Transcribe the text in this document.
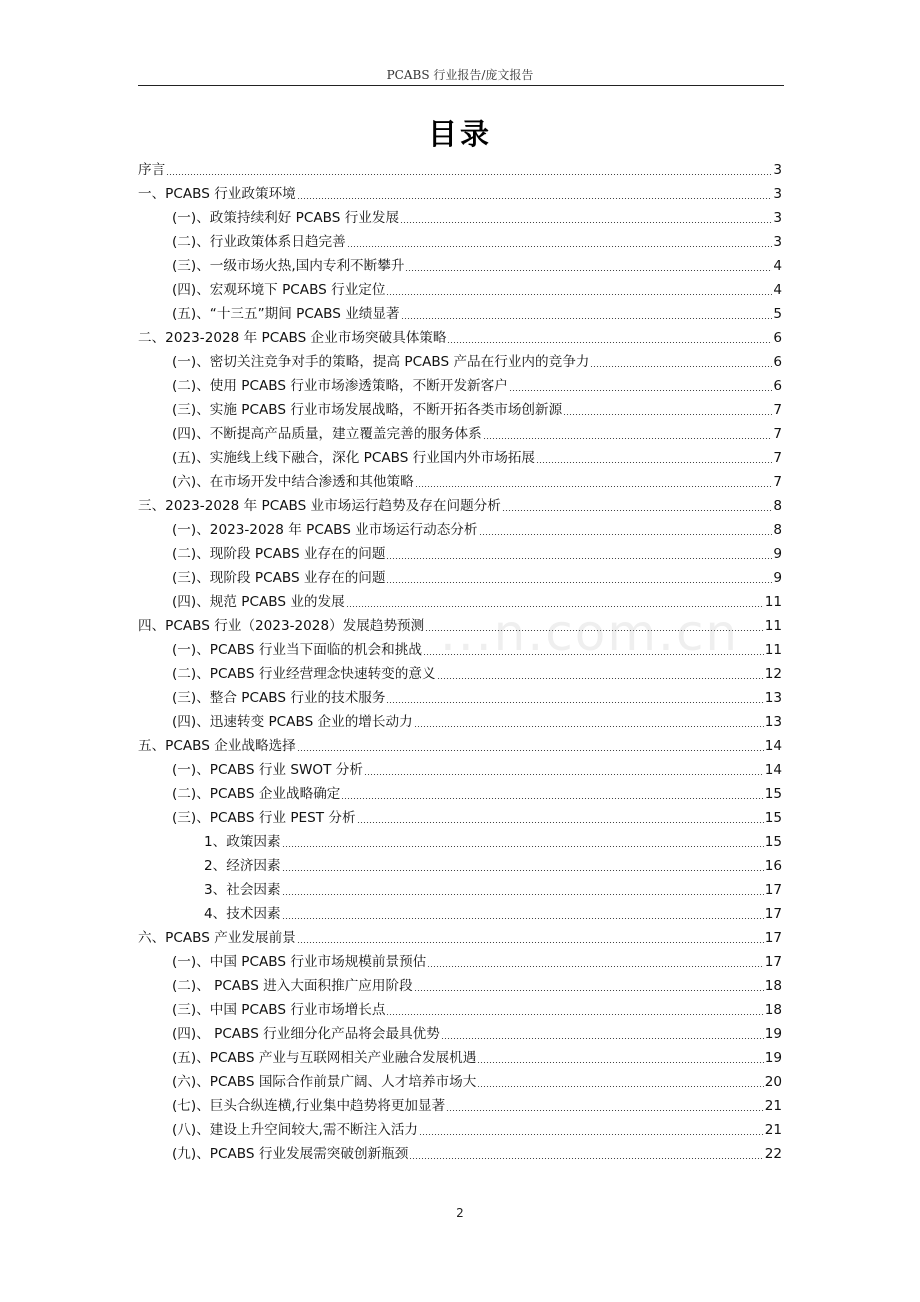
PCABS 行业报告/庞文报告
目录
序言	3
一、PCABS 行业政策环境	3
(一)、政策持续利好 PCABS 行业发展	3
(二)、行业政策体系日趋完善	3
(三)、一级市场火热,国内专利不断攀升	4
(四)、宏观环境下 PCABS 行业定位	4
(五)、“十三五”期间 PCABS 业绩显著	5
二、2023-2028 年 PCABS 企业市场突破具体策略	6
(一)、密切关注竞争对手的策略，提高 PCABS 产品在行业内的竞争力	6
(二)、使用 PCABS 行业市场渗透策略，不断开发新客户	6
(三)、实施 PCABS 行业市场发展战略，不断开拓各类市场创新源	7
(四)、不断提高产品质量，建立覆盖完善的服务体系	7
(五)、实施线上线下融合，深化 PCABS 行业国内外市场拓展	7
(六)、在市场开发中结合渗透和其他策略	7
三、2023-2028 年 PCABS 业市场运行趋势及存在问题分析	8
(一)、2023-2028 年 PCABS 业市场运行动态分析	8
(二)、现阶段 PCABS 业存在的问题	9
(三)、现阶段 PCABS 业存在的问题	9
(四)、规范 PCABS 业的发展	11
四、PCABS 行业（2023-2028）发展趋势预测	11
(一)、PCABS 行业当下面临的机会和挑战	11
(二)、PCABS 行业经营理念快速转变的意义	12
(三)、整合 PCABS 行业的技术服务	13
(四)、迅速转变 PCABS 企业的增长动力	13
五、PCABS 企业战略选择	14
(一)、PCABS 行业 SWOT 分析	14
(二)、PCABS 企业战略确定	15
(三)、PCABS 行业 PEST 分析	15
1、政策因素	15
2、经济因素	16
3、社会因素	17
4、技术因素	17
六、PCABS 产业发展前景	17
(一)、中国 PCABS 行业市场规模前景预估	17
(二)、 PCABS 进入大面积推广应用阶段	18
(三)、中国 PCABS 行业市场增长点	18
(四)、 PCABS 行业细分化产品将会最具优势	19
(五)、PCABS 产业与互联网相关产业融合发展机遇	19
(六)、PCABS 国际合作前景广阔、人才培养市场大	20
(七)、巨头合纵连横,行业集中趋势将更加显著	21
(八)、建设上升空间较大,需不断注入活力	21
(九)、PCABS 行业发展需突破创新瓶颈	22
...n.com.cn
2
